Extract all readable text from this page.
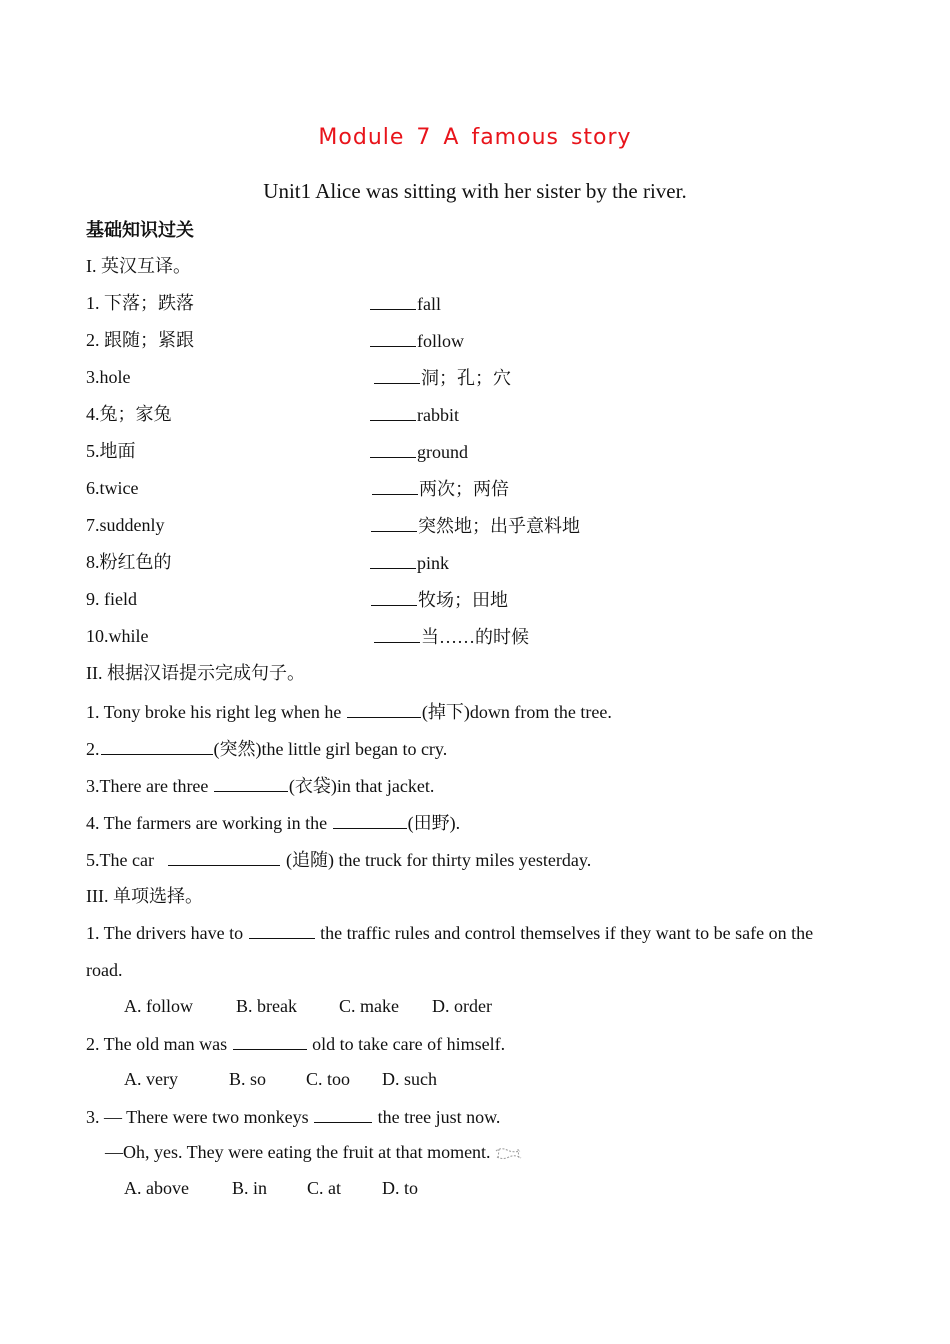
Module 7 A famous story
Unit1 Alice was sitting with her sister by the river.
基础知识过关
I. 英汉互译。
1. 下落；跌落	fall
2. 跟随；紧跟	follow
3.hole	洞；孔；穴
4.兔；家兔	rabbit
5.地面	ground
6.twice	两次；两倍
7.suddenly	突然地；出乎意料地
8.粉红色的	pink
9. field	牧场；田地
10.while	当……的时候
II. 根据汉语提示完成句子。
1. Tony broke his right leg when he	(掉下)down from the tree.
2.	(突然)the little girl began to cry.
3.There are three	(衣袋)in that jacket.
4. The farmers are working in the	(田野).
5.The car	(追随) the truck for thirty miles yesterday.
III. 单项选择。
1. The drivers have to	the traffic rules and control themselves if they want to be safe on the
road.
A. follow B. break C. make D. order
2. The old man was	old to take care of himself.
A. very	B. so C. too D. such
3. — There were two monkeys	the tree just now.
—Oh, yes. They were eating the fruit at that moment.
A. above B. in C. at D. to
